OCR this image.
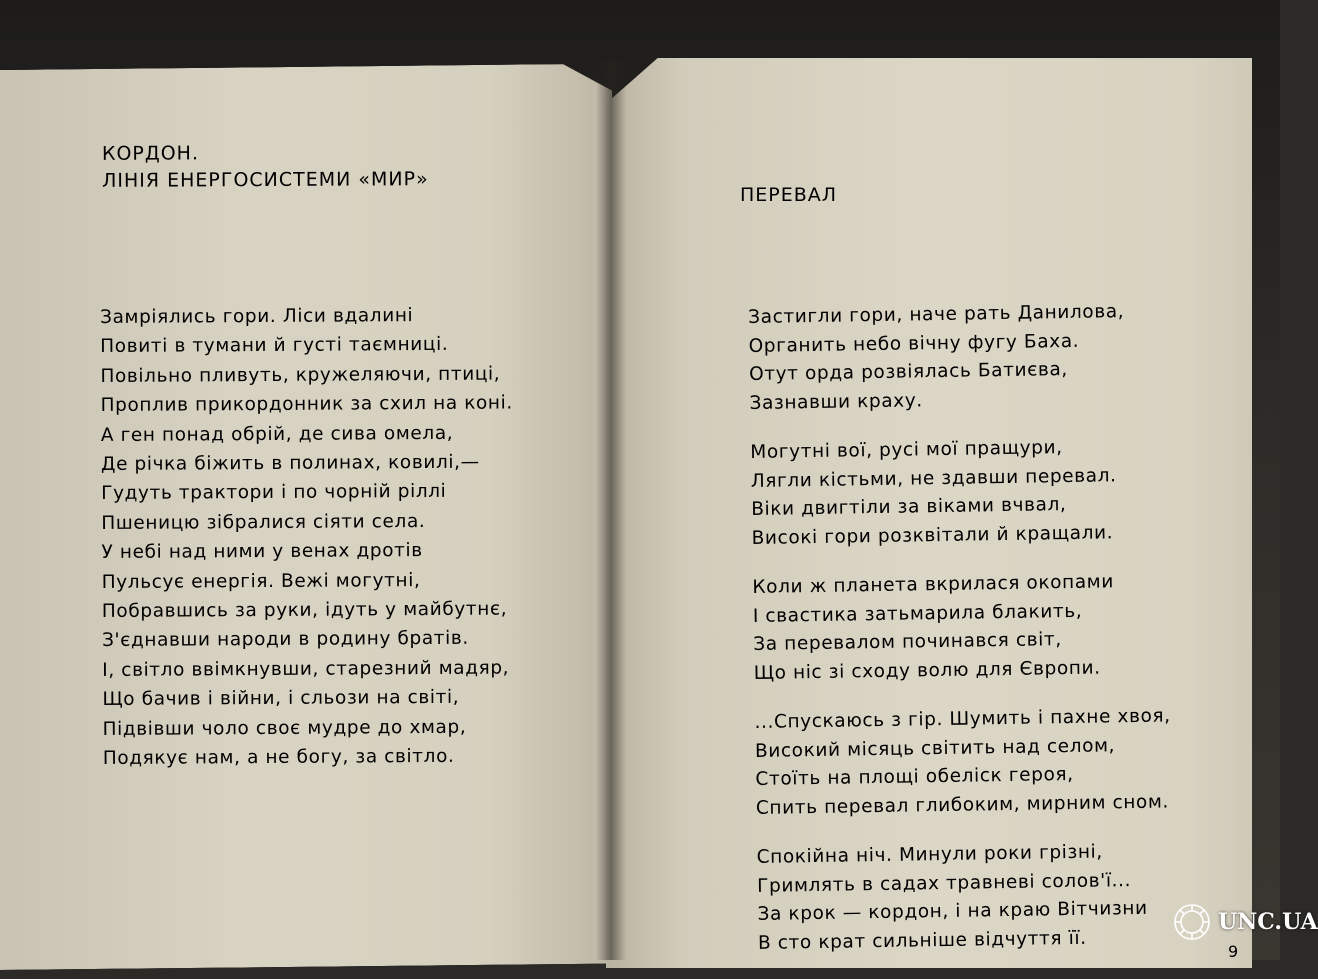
КОРДОН.
ЛІНІЯ ЕНЕРГОСИСТЕМИ «МИР»
Замріялись гори. Ліси вдалині
Повиті в тумани й густі таємниці.
Повільно пливуть, кружеляючи, птиці,
Проплив прикордонник за схил на коні.
А ген понад обрій, де сива омела,
Де річка біжить в полинах, ковилі,—
Гудуть трактори і по чорній ріллі
Пшеницю зібралися сіяти села.
У небі над ними у венах дротів
Пульсує енергія. Вежі могутні,
Побравшись за руки, ідуть у майбутнє,
З'єднавши народи в родину братів.
І, світло ввімкнувши, старезний мадяр,
Що бачив і війни, і сльози на світі,
Підвівши чоло своє мудре до хмар,
Подякує нам, а не богу, за світло.
ПЕРЕВАЛ
Застигли гори, наче рать Данилова,
Органить небо вічну фугу Баха.
Отут орда розвіялась Батиєва,
Зазнавши краху.
Могутні вої, русі мої пращури,
Лягли кістьми, не здавши перевал.
Віки двигтіли за віками вчвал,
Високі гори розквітали й кращали.
Коли ж планета вкрилася окопами
І свастика затьмарила блакить,
За перевалом починався світ,
Що ніс зі сходу волю для Європи.
...Спускаюсь з гір. Шумить і пахне хвоя,
Високий місяць світить над селом,
Стоїть на площі обеліск героя,
Спить перевал глибоким, мирним сном.
Спокійна ніч. Минули роки грізні,
Гримлять в садах травневі солов'ї...
За крок — кордон, і на краю Вітчизни
В сто крат сильніше відчуття її.	9
UNC.UA
